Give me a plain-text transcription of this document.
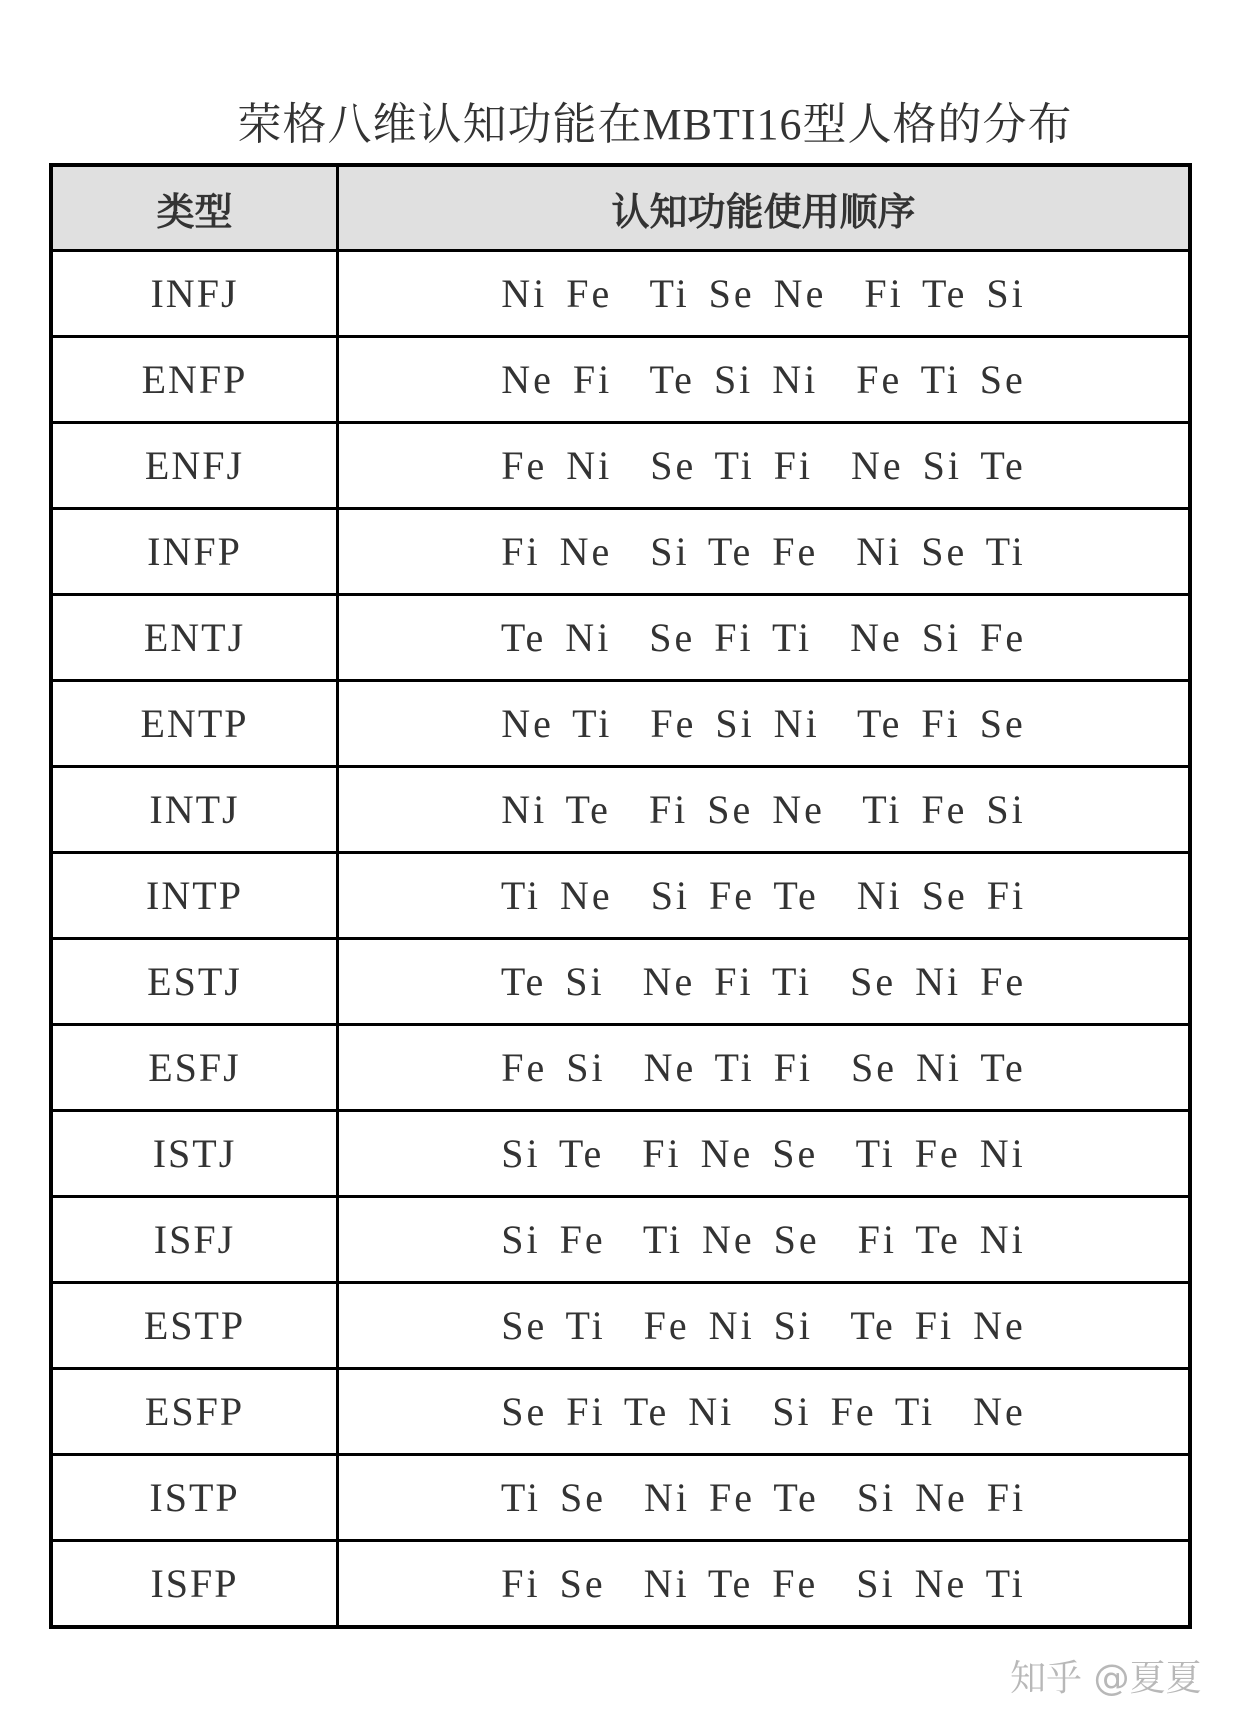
荣格八维认知功能在MBTI16型人格的分布
类型	认知功能使用顺序
INFJ	Ni Fe  Ti Se Ne  Fi Te Si
ENFP	Ne Fi  Te Si Ni  Fe Ti Se
ENFJ	Fe Ni  Se Ti Fi  Ne Si Te
INFP	Fi Ne  Si Te Fe  Ni Se Ti
ENTJ	Te Ni  Se Fi Ti  Ne Si Fe
ENTP	Ne Ti  Fe Si Ni  Te Fi Se
INTJ	Ni Te  Fi Se Ne  Ti Fe Si
INTP	Ti Ne  Si Fe Te  Ni Se Fi
ESTJ	Te Si  Ne Fi Ti  Se Ni Fe
ESFJ	Fe Si  Ne Ti Fi  Se Ni Te
ISTJ	Si Te  Fi Ne Se  Ti Fe Ni
ISFJ	Si Fe  Ti Ne Se  Fi Te Ni
ESTP	Se Ti  Fe Ni Si  Te Fi Ne
ESFP	Se Fi Te Ni  Si Fe Ti  Ne
ISTP	Ti Se  Ni Fe Te  Si Ne Fi
ISFP	Fi Se  Ni Te Fe  Si Ne Ti
知乎 @夏夏
